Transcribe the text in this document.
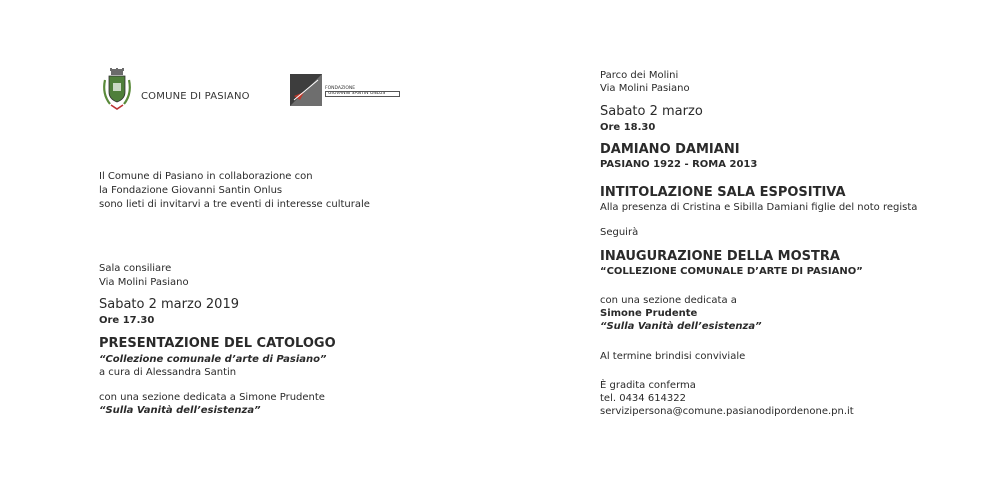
COMUNE DI PASIANO
FONDAZIONE
GIOVANNI SANTIN ONLUS
Il Comune di Pasiano in collaborazione con
la Fondazione Giovanni Santin Onlus
sono lieti di invitarvi a tre eventi di interesse culturale
Sala consiliare
Via Molini Pasiano
Sabato 2 marzo 2019
Ore 17.30
PRESENTAZIONE DEL CATOLOGO
“Collezione comunale d’arte di Pasiano”
a cura di Alessandra Santin
con una sezione dedicata a Simone Prudente
“Sulla Vanità dell’esistenza”
Parco dei Molini
Via Molini Pasiano
Sabato 2 marzo
Ore 18.30
DAMIANO DAMIANI
PASIANO 1922 - ROMA 2013
INTITOLAZIONE SALA ESPOSITIVA
Alla presenza di Cristina e Sibilla Damiani figlie del noto regista
Seguirà
INAUGURAZIONE DELLA MOSTRA
“COLLEZIONE COMUNALE D’ARTE DI PASIANO”
con una sezione dedicata a
Simone Prudente
“Sulla Vanità dell’esistenza”
Al termine brindisi conviviale
È gradita conferma
tel. 0434 614322
servizipersona@comune.pasianodipordenone.pn.it
